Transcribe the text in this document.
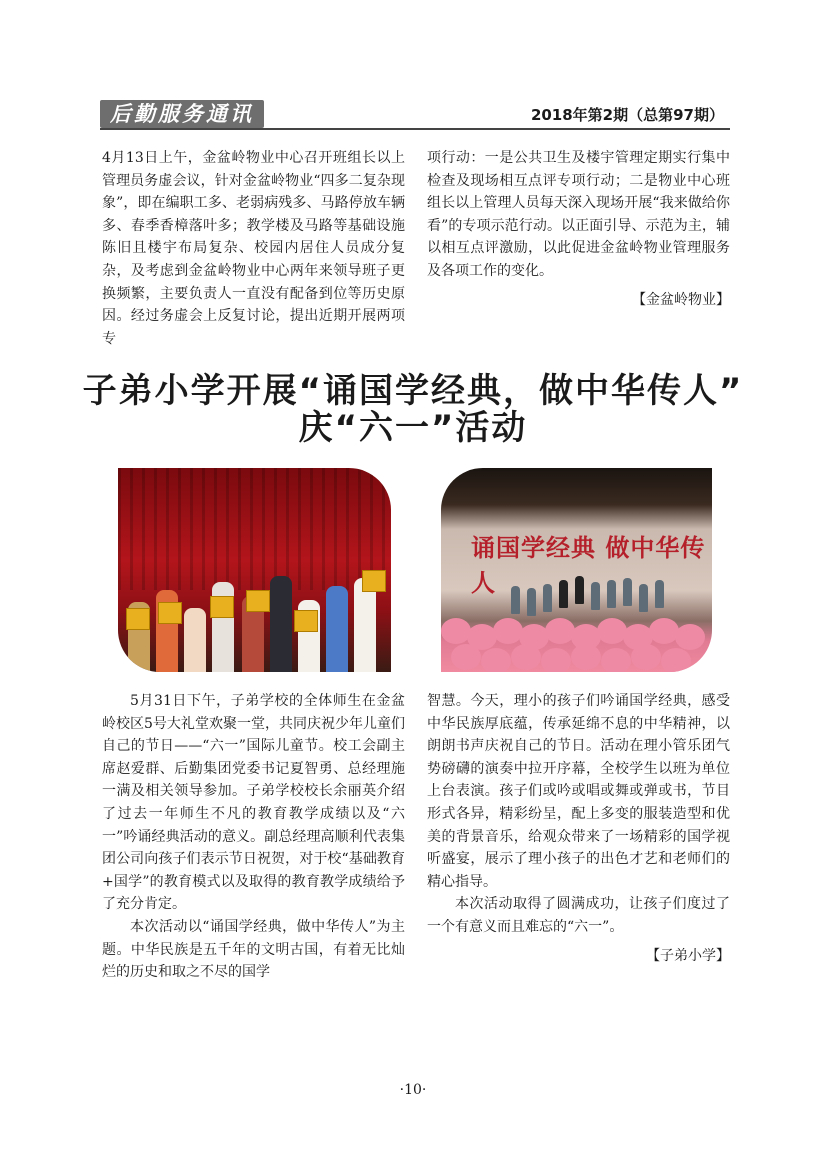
后勤服务通讯	2018年第2期（总第97期）

4月13日上午，金盆岭物业中心召开班组长以上管理员务虚会议，针对金盆岭物业“四多二复杂现象”，即在编职工多、老弱病残多、马路停放车辆多、春季香樟落叶多；教学楼及马路等基础设施陈旧且楼宇布局复杂、校园内居住人员成分复杂，及考虑到金盆岭物业中心两年来领导班子更换频繁，主要负责人一直没有配备到位等历史原因。经过务虚会上反复讨论，提出近期开展两项专

项行动：一是公共卫生及楼宇管理定期实行集中检查及现场相互点评专项行动；二是物业中心班组长以上管理人员每天深入现场开展“我来做给你看”的专项示范行动。以正面引导、示范为主，辅以相互点评激励，以此促进金盆岭物业管理服务及各项工作的变化。

【金盆岭物业】

子弟小学开展“诵国学经典，做中华传人”
庆“六一”活动
诵国学经典 做中华传人

5月31日下午，子弟学校的全体师生在金盆岭校区5号大礼堂欢聚一堂，共同庆祝少年儿童们自己的节日——“六一”国际儿童节。校工会副主席赵爱群、后勤集团党委书记夏智勇、总经理施一满及相关领导参加。子弟学校校长余丽英介绍了过去一年师生不凡的教育教学成绩以及“六一”吟诵经典活动的意义。副总经理高顺利代表集团公司向孩子们表示节日祝贺，对于校“基础教育+国学”的教育模式以及取得的教育教学成绩给予了充分肯定。

本次活动以“诵国学经典，做中华传人”为主题。中华民族是五千年的文明古国，有着无比灿烂的历史和取之不尽的国学

智慧。今天，理小的孩子们吟诵国学经典，感受中华民族厚底蕴，传承延绵不息的中华精神，以朗朗书声庆祝自己的节日。活动在理小管乐团气势磅礴的演奏中拉开序幕，全校学生以班为单位上台表演。孩子们或吟或唱或舞或弹或书，节目形式各异，精彩纷呈，配上多变的服装造型和优美的背景音乐，给观众带来了一场精彩的国学视听盛宴，展示了理小孩子的出色才艺和老师们的精心指导。

本次活动取得了圆满成功，让孩子们度过了一个有意义而且难忘的“六一”。

【子弟小学】

·10·
